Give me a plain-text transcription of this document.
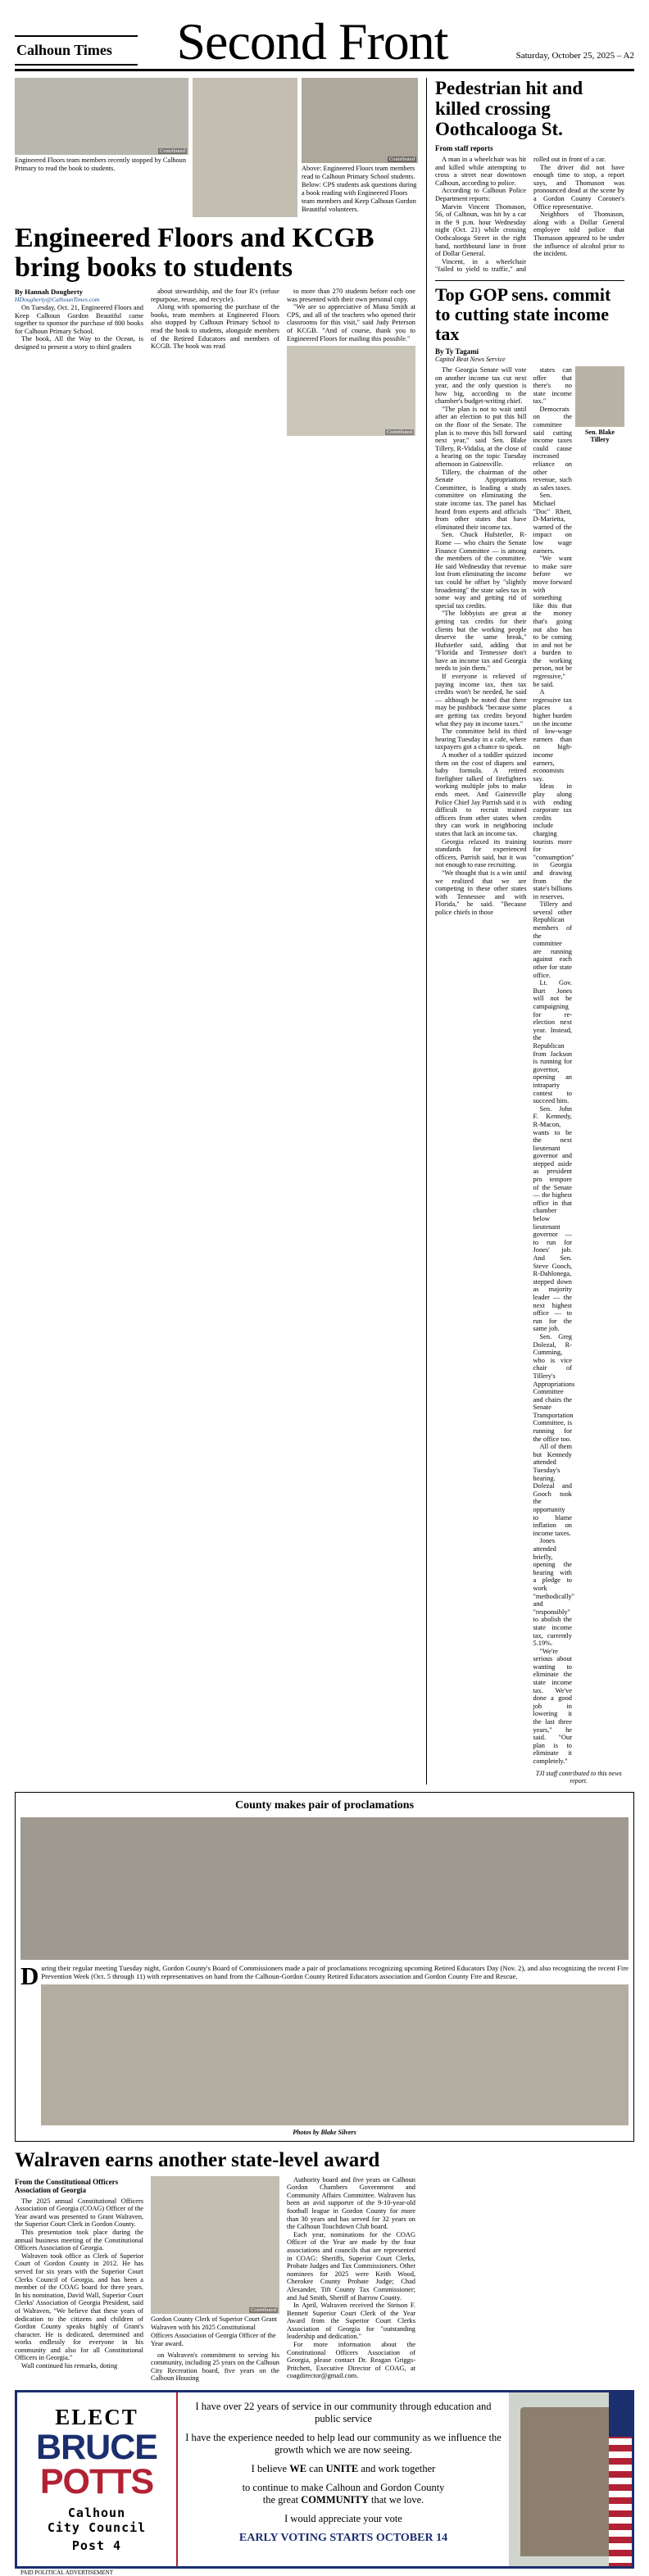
Calhoun Times	Second Front	Saturday, October 25, 2025 – A2
Contributed
Engineered Floors team members recently stopped by Calhoun Primary to read the book to students.
Contributed
Above: Engineered Floors team members read to Calhoun Primary School students. Below: CPS students ask questions during a book reading with Engineered Floors team members and Keep Calhoun Gordon Beautiful volunteers.
Engineered Floors and KCGB bring books to students
By Hannah Dougherty
HDougherty@CalhounTimes.com

On Tuesday, Oct. 21, Engineered Floors and Keep Calhoun Gordon Beautiful came together to sponsor the purchase of 800 books for Calhoun Primary School.

The book, All the Way to the Ocean, is designed to present a story to third graders

about stewardship, and the four R's (refuse repurpose, reuse, and recycle).

Along with sponsoring the purchase of the books, team members at Engineered Floors also stopped by Calhoun Primary School to read the book to students, alongside members of the Retired Educators and members of KCGB. The book was read

to more than 270 students before each one was presented with their own personal copy.

"We are so appreciative of Mana Smith at CPS, and all of the teachers who opened their classrooms for this visit," said Judy Peterson of KCGB. "And of course, thank you to Engineered Floors for mailing this possible."

Contributed
Pedestrian hit and killed crossing Oothcalooga St.
From staff reports

A man in a wheelchair was hit and killed while attempting to cross a street near downtown Calhoun, according to police.

According to Calhoun Police Department reports:

Marvin Vincent Thomason, 56, of Calhoun, was hit by a car in the 9 p.m. hour Wednesday night (Oct. 21) while crossing Oothcalooga Street in the right hand, northbound lane in front of Dollar General.

Vincent, in a wheelchair "failed to yield to traffic," and rolled out in front of a car.

The driver did not have enough time to stop, a report says, and Thomason was pronounced dead at the scene by a Gordon County Coroner's Office representative.

Neighbors of Thomason, along with a Dollar General employee told police that Thomason appeared to be under the influence of alcohol prior to the incident.

Top GOP sens. commit to cutting state income tax
By Ty Tagami
Capitol Beat News Service

The Georgia Senate will vote on another income tax cut next year, and the only question is how big, according to the chamber's budget-writing chief.

"The plan is not to wait until after an election to put this bill on the floor of the Senate. The plan is to move this bill forward next year," said Sen. Blake Tillery, R-Vidalia, at the close of a hearing on the topic Tuesday afternoon in Gainesville.

Tillery, the chairman of the Senate Appropriations Committee, is leading a study committee on eliminating the state income tax. The panel has heard from experts and officials from other states that have eliminated their income tax.

Sen. Chuck Hufstetler, R-Rome — who chairs the Senate Finance Committee — is among the members of the committee. He said Wednesday that revenue lost from eliminating the income tax could be offset by "slightly broadening" the state sales tax in some way and getting rid of special tax credits.

"The lobbyists are great at getting tax credits for their clients but the working people deserve the same break," Hufstetler said, adding that "Florida and Tennessee don't have an income tax and Georgia needs to join them."

If everyone is relieved of paying income tax, then tax credits won't be needed, he said — although he noted that there may be pushback "because some are getting tax credits beyond what they pay in income taxes."

The committee held its third hearing Tuesday in a cafe, where taxpayers got a chance to speak.

A mother of a toddler quizzed them on the cost of diapers and baby formula. A retired firefighter talked of firefighters working multiple jobs to make ends meet. And Gainesville Police Chief Jay Parrish said it is difficult to recruit trained officers from other states when they can work in neighboring states that lack an income tax.

Georgia relaxed its training standards for experienced officers, Parrish said, but it was not enough to ease recruiting.

"We thought that is a win until we realized that we are competing in these other states with Tennessee and with Florida," he said. "Because police chiefs in those

Sen. Blake Tillery

states can offer that there's no state income tax."

Democrats on the committee said cutting income taxes could cause increased reliance on other revenue, such as sales taxes.

Sen. Michael "Doc" Rhett, D-Marietta, warned of the impact on low wage earners.

"We want to make sure before we move forward with something like this that the money that's going out also has to be coming in and not be a burden to the working person, not be regressive," he said.

A regressive tax places a higher burden on the income of low-wage earners than on high-income earners, economists say.

Ideas in play along with ending corporate tax credits include charging tourists more for "consumption" in Georgia and drawing from the state's billions in reserves.

Tillery and several other Republican members of the committee are running against each other for state office.

Lt. Gov. Burt Jones will not be campaigning for re-election next year. Instead, the Republican from Jackson is running for governor, opening an intraparty contest to succeed him.

Sen. John F. Kennedy, R-Macon, wants to be the next lieutenant governor and stepped aside as president pro tempore of the Senate — the highest office in that chamber below lieutenant governor — to run for Jones' job. And Sen. Steve Gooch, R-Dahlonega, stepped down as majority leader — the next highest office — to run for the same job.

Sen. Greg Dolezal, R-Cumming, who is vice chair of Tillery's Appropriations Committee and chairs the Senate Transportation Committee, is running for the office too.

All of them but Kennedy attended Tuesday's hearing. Dolezal and Gooch took the opportunity to blame inflation on income taxes.

Jones attended briefly, opening the hearing with a pledge to work "methodically" and "responsibly" to abolish the state income tax, currently 5.19%.

"We're serious about wanting to eliminate the state income tax. We've done a good job in lowering it the last three years," he said. "Our plan is to eliminate it completely."

TJI staff contributed to this news report.
County makes pair of proclamations
During their regular meeting Tuesday night, Gordon County's Board of Commissioners made a pair of proclamations recognizing upcoming Retired Educators Day (Nov. 2), and also recognizing the recent Fire Prevention Week (Oct. 5 through 11) with representatives on hand from the Calhoun-Gordon County Retired Educators association and Gordon County Fire and Rescue.
Photos by Blake Silvers
Walraven earns another state-level award
From the Constitutional Officers Association of Georgia

The 2025 annual Constitutional Officers Association of Georgia (COAG) Officer of the Year award was presented to Grant Walraven, the Superior Court Clerk in Gordon County.

This presentation took place during the annual business meeting of the Constitutional Officers Association of Georgia.

Walraven took office as Clerk of Superior Court of Gordon County in 2012. He has served for six years with the Superior Court Clerks Council of Georgia, and has been a member of the COAG board for three years. In his nomination, David Wall, Superior Court Clerks' Association of Georgia President, said of Walraven, "We believe that these years of dedication to the citizens and children of Gordon County speaks highly of Grant's character. He is dedicated, determined and works endlessly for everyone in his community and also for all Constitutional Officers in Georgia."

Wall continued his remarks, doting

Contributed
Gordon County Clerk of Superior Court Grant Walraven with his 2025 Constitutional Officers Association of Georgia Officer of the Year award.

on Walraven's commitment to serving his community, including 25 years on the Calhoun City Recreation board, five years on the Calhoun Housing

Authority board and five years on Calhoun Gordon Chambers Government and Community Affairs Committee. Walraven has been an avid supporter of the 9-10-year-old football league in Gordon County for more than 30 years and has served for 32 years on the Calhoun Touchdown Club board.

Each year, nominations for the COAG Officer of the Year are made by the four associations and councils that are represented in COAG: Sheriffs, Superior Court Clerks, Probate Judges and Tax Commissioners. Other nominees for 2025 were Keith Wood, Cherokee County Probate Judge; Chad Alexander, Tift County Tax Commissioner; and Jud Smith, Sheriff of Barrow County.

In April, Walraven received the Stetson F. Bennett Superior Court Clerk of the Year Award from the Superior Court Clerks Association of Georgia for "outstanding leadership and dedication."

For more information about the Constitutional Officers Association of Georgia, please contact Dr. Reagan Griggs-Pritchett, Executive Director of COAG, at coagdirector@gmail.com.

ELECT
BRUCE
POTTS
Calhoun
City Council
Post 4
I have over 22 years of service in our community through education and public service
I have the experience needed to help lead our community as we influence the growth which we are now seeing.
I believe WE can UNITE and work together
to continue to make Calhoun and Gordon County
the great COMMUNITY that we love.
I would appreciate your vote
EARLY VOTING STARTS OCTOBER 14
PAID POLITICAL ADVERTISEMENT
